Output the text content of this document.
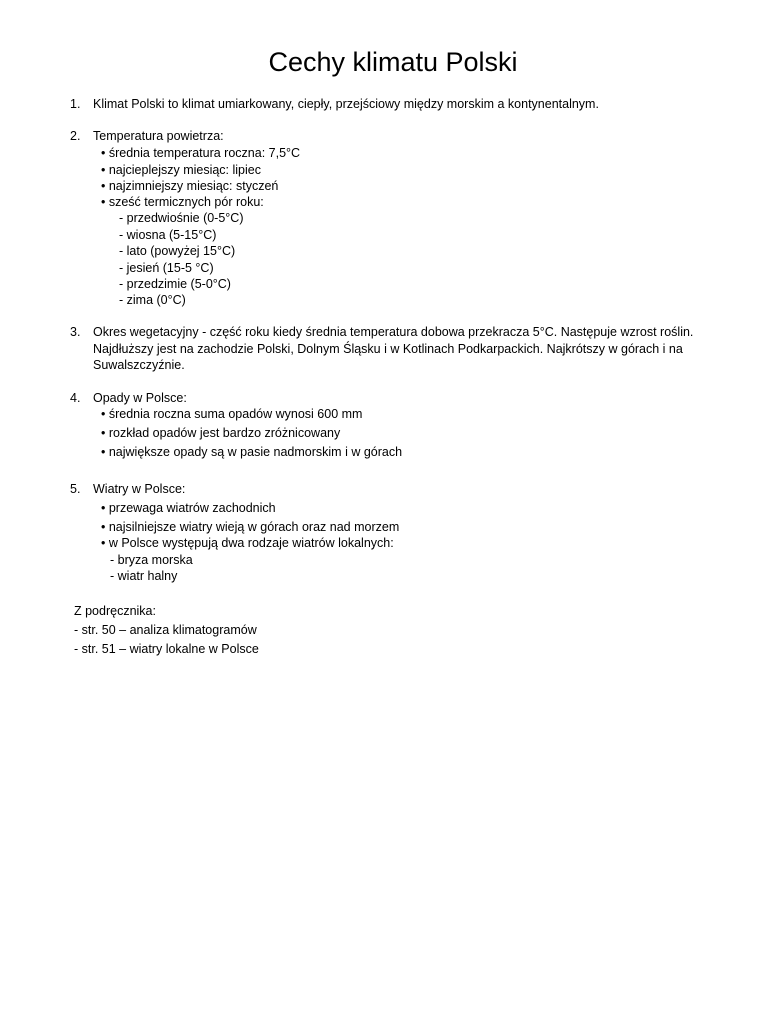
Cechy klimatu Polski
1. Klimat Polski to klimat umiarkowany, ciepły, przejściowy między morskim a kontynentalnym.
2. Temperatura powietrza:
• średnia temperatura roczna: 7,5°C
• najcieplejszy miesiąc: lipiec
• najzimniejszy miesiąc: styczeń
• sześć termicznych pór roku:
- przedwiośnie (0-5°C)
- wiosna (5-15°C)
- lato (powyżej 15°C)
- jesień (15-5 °C)
- przedzimie (5-0°C)
- zima (0°C)
3. Okres wegetacyjny - część roku kiedy średnia temperatura dobowa przekracza 5°C. Następuje wzrost roślin.
Najdłuższy jest na zachodzie Polski, Dolnym Śląsku i w Kotlinach Podkarpackich. Najkrótszy w górach i na
Suwalszczyźnie.
4. Opady w Polsce:
• średnia roczna suma opadów wynosi 600 mm
• rozkład opadów jest bardzo zróżnicowany
• największe opady są w pasie nadmorskim i w górach
5. Wiatry w Polsce:
• przewaga wiatrów zachodnich
• najsilniejsze wiatry wieją w górach oraz nad morzem
• w Polsce występują dwa rodzaje wiatrów lokalnych:
- bryza morska
- wiatr halny
Z podręcznika:
- str. 50 – analiza klimatogramów
- str. 51 – wiatry lokalne w Polsce
